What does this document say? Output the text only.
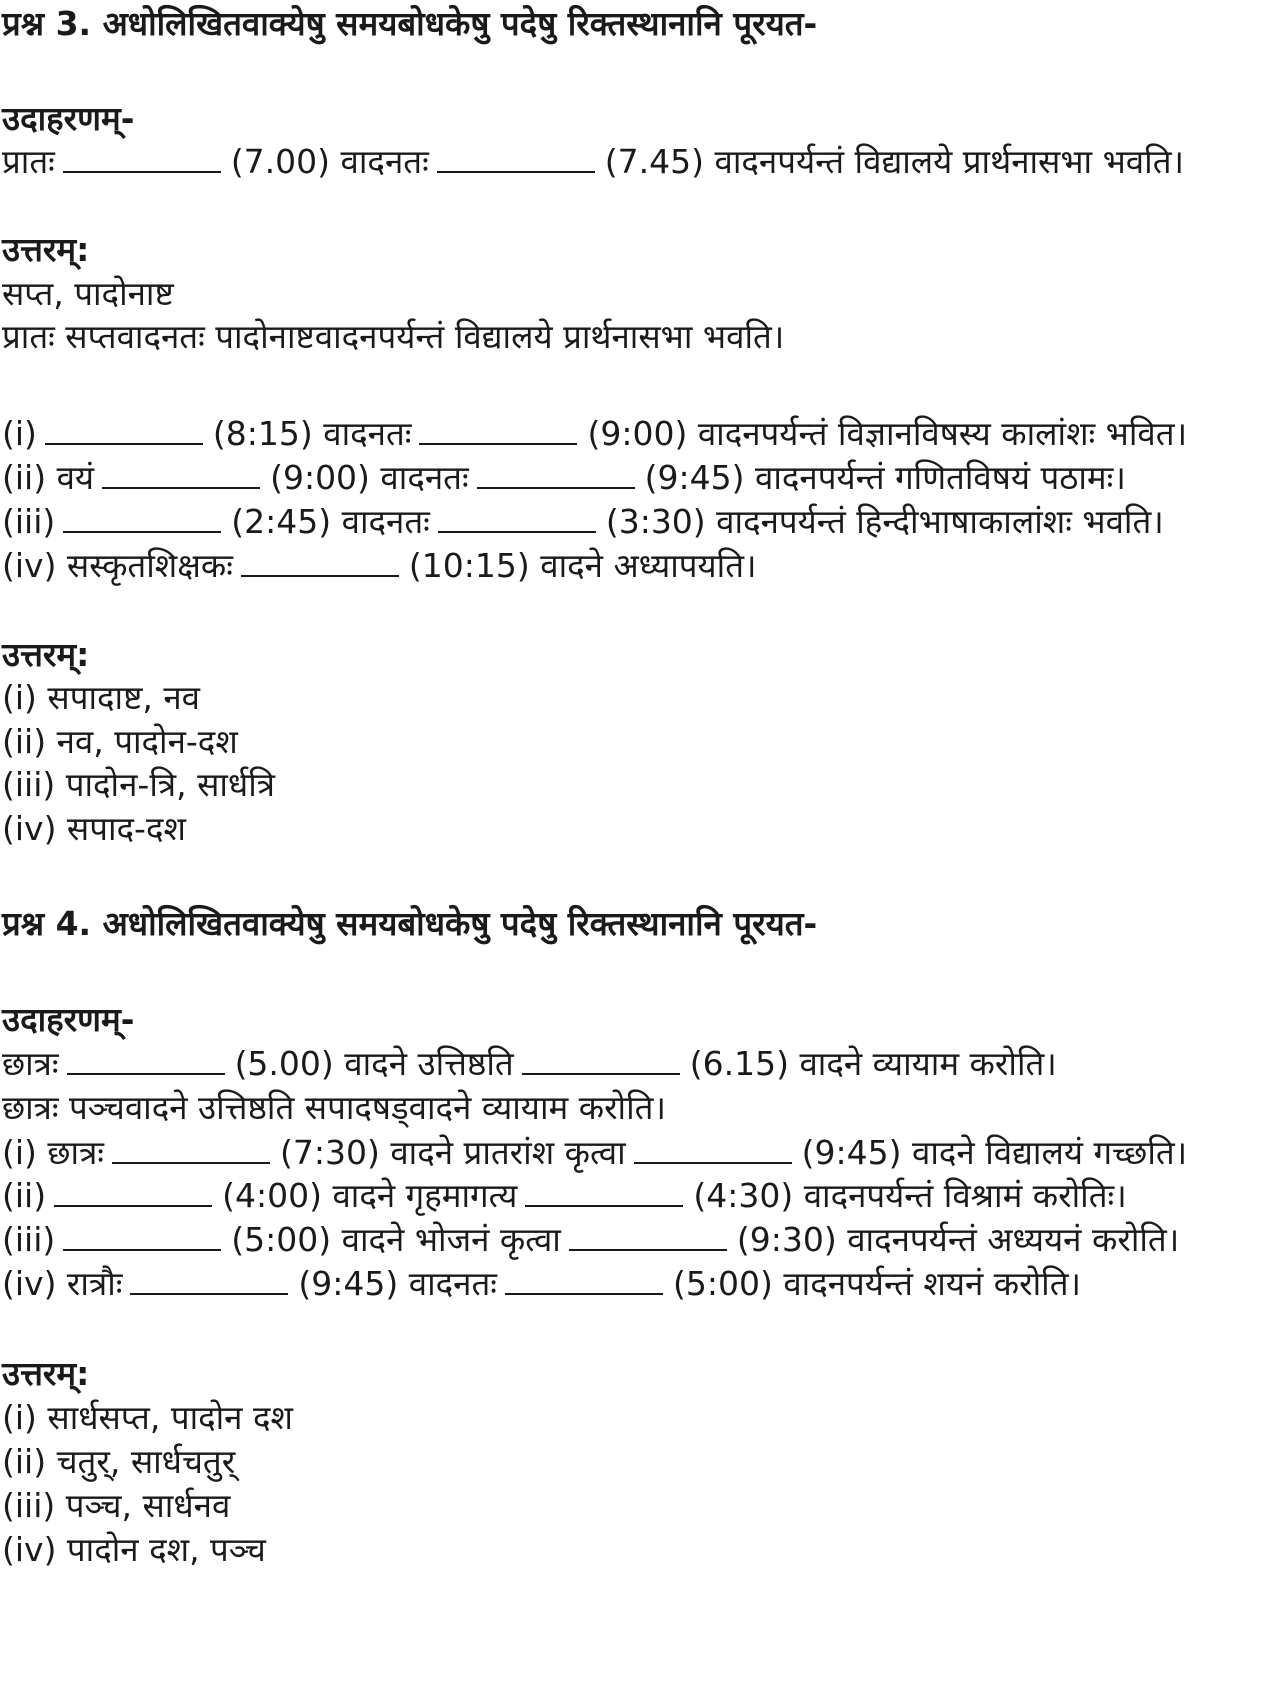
प्रश्न 3. अधोलिखितवाक्येषु समयबोधकेषु पदेषु रिक्तस्थानानि पूरयत-
उदाहरणम्-
प्रातः	(7.00) वादनतः	(7.45) वादनपर्यन्तं विद्यालये प्रार्थनासभा भवति।
उत्तरम्:
सप्त, पादोनाष्ट
प्रातः सप्तवादनतः पादोनाष्टवादनपर्यन्तं विद्यालये प्रार्थनासभा भवति।
(i)	(8:15) वादनतः	(9:00) वादनपर्यन्तं विज्ञानविषस्य कालांशः भवित।
(ii) वयं	(9:00) वादनतः	(9:45) वादनपर्यन्तं गणितविषयं पठामः।
(iii)	(2:45) वादनतः	(3:30) वादनपर्यन्तं हिन्दीभाषाकालांशः भवति।
(iv) सस्कृतशिक्षकः	(10:15) वादने अध्यापयति।
उत्तरम्:
(i) सपादाष्ट, नव
(ii) नव, पादोन-दश
(iii) पादोन-त्रि, सार्धत्रि
(iv) सपाद-दश
प्रश्न 4. अधोलिखितवाक्येषु समयबोधकेषु पदेषु रिक्तस्थानानि पूरयत-
उदाहरणम्-
छात्रः	(5.00) वादने उत्तिष्ठति	(6.15) वादने व्यायाम करोति।
छात्रः पञ्चवादने उत्तिष्ठति सपादषड्वादने व्यायाम करोति।
(i) छात्रः	(7:30) वादने प्रातरांश कृत्वा	(9:45) वादने विद्यालयं गच्छति।
(ii)	(4:00) वादने गृहमागत्य	(4:30) वादनपर्यन्तं विश्रामं करोतिः।
(iii)	(5:00) वादने भोजनं कृत्वा	(9:30) वादनपर्यन्तं अध्ययनं करोति।
(iv) रात्रौः	(9:45) वादनतः	(5:00) वादनपर्यन्तं शयनं करोति।
उत्तरम्:
(i) सार्धसप्त, पादोन दश
(ii) चतुर्, सार्धचतुर्
(iii) पञ्च, सार्धनव
(iv) पादोन दश, पञ्च
